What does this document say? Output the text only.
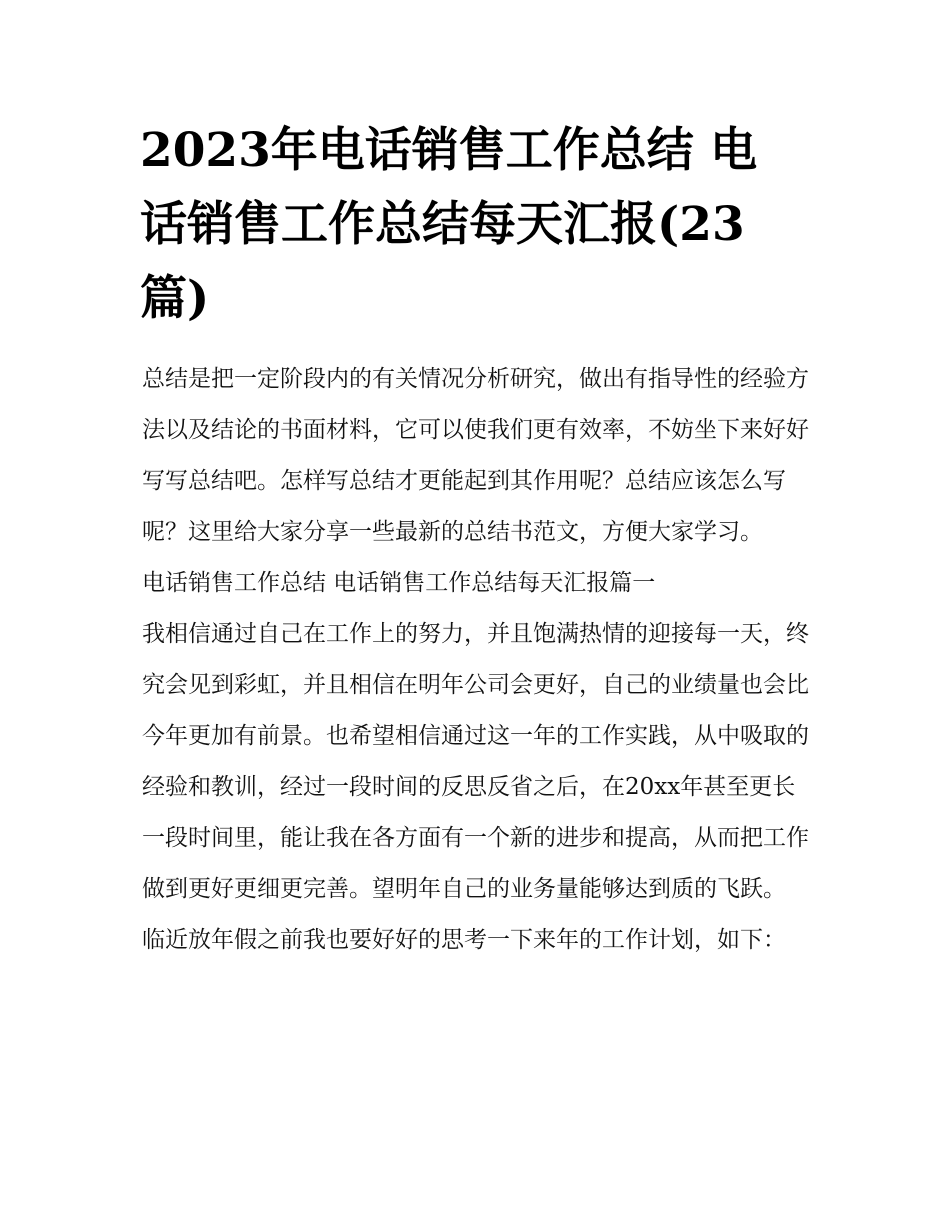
2023年电话销售工作总结 电话销售工作总结每天汇报(23篇)

总结是把一定阶段内的有关情况分析研究，做出有指导性的经验方法以及结论的书面材料，它可以使我们更有效率，不妨坐下来好好写写总结吧。怎样写总结才更能起到其作用呢？总结应该怎么写呢？这里给大家分享一些最新的总结书范文，方便大家学习。

电话销售工作总结 电话销售工作总结每天汇报篇一

我相信通过自己在工作上的努力，并且饱满热情的迎接每一天，终究会见到彩虹，并且相信在明年公司会更好，自己的业绩量也会比今年更加有前景。也希望相信通过这一年的工作实践，从中吸取的经验和教训，经过一段时间的反思反省之后，在20xx年甚至更长一段时间里，能让我在各方面有一个新的进步和提高，从而把工作做到更好更细更完善。望明年自己的业务量能够达到质的飞跃。

临近放年假之前我也要好好的思考一下来年的工作计划，如下：
